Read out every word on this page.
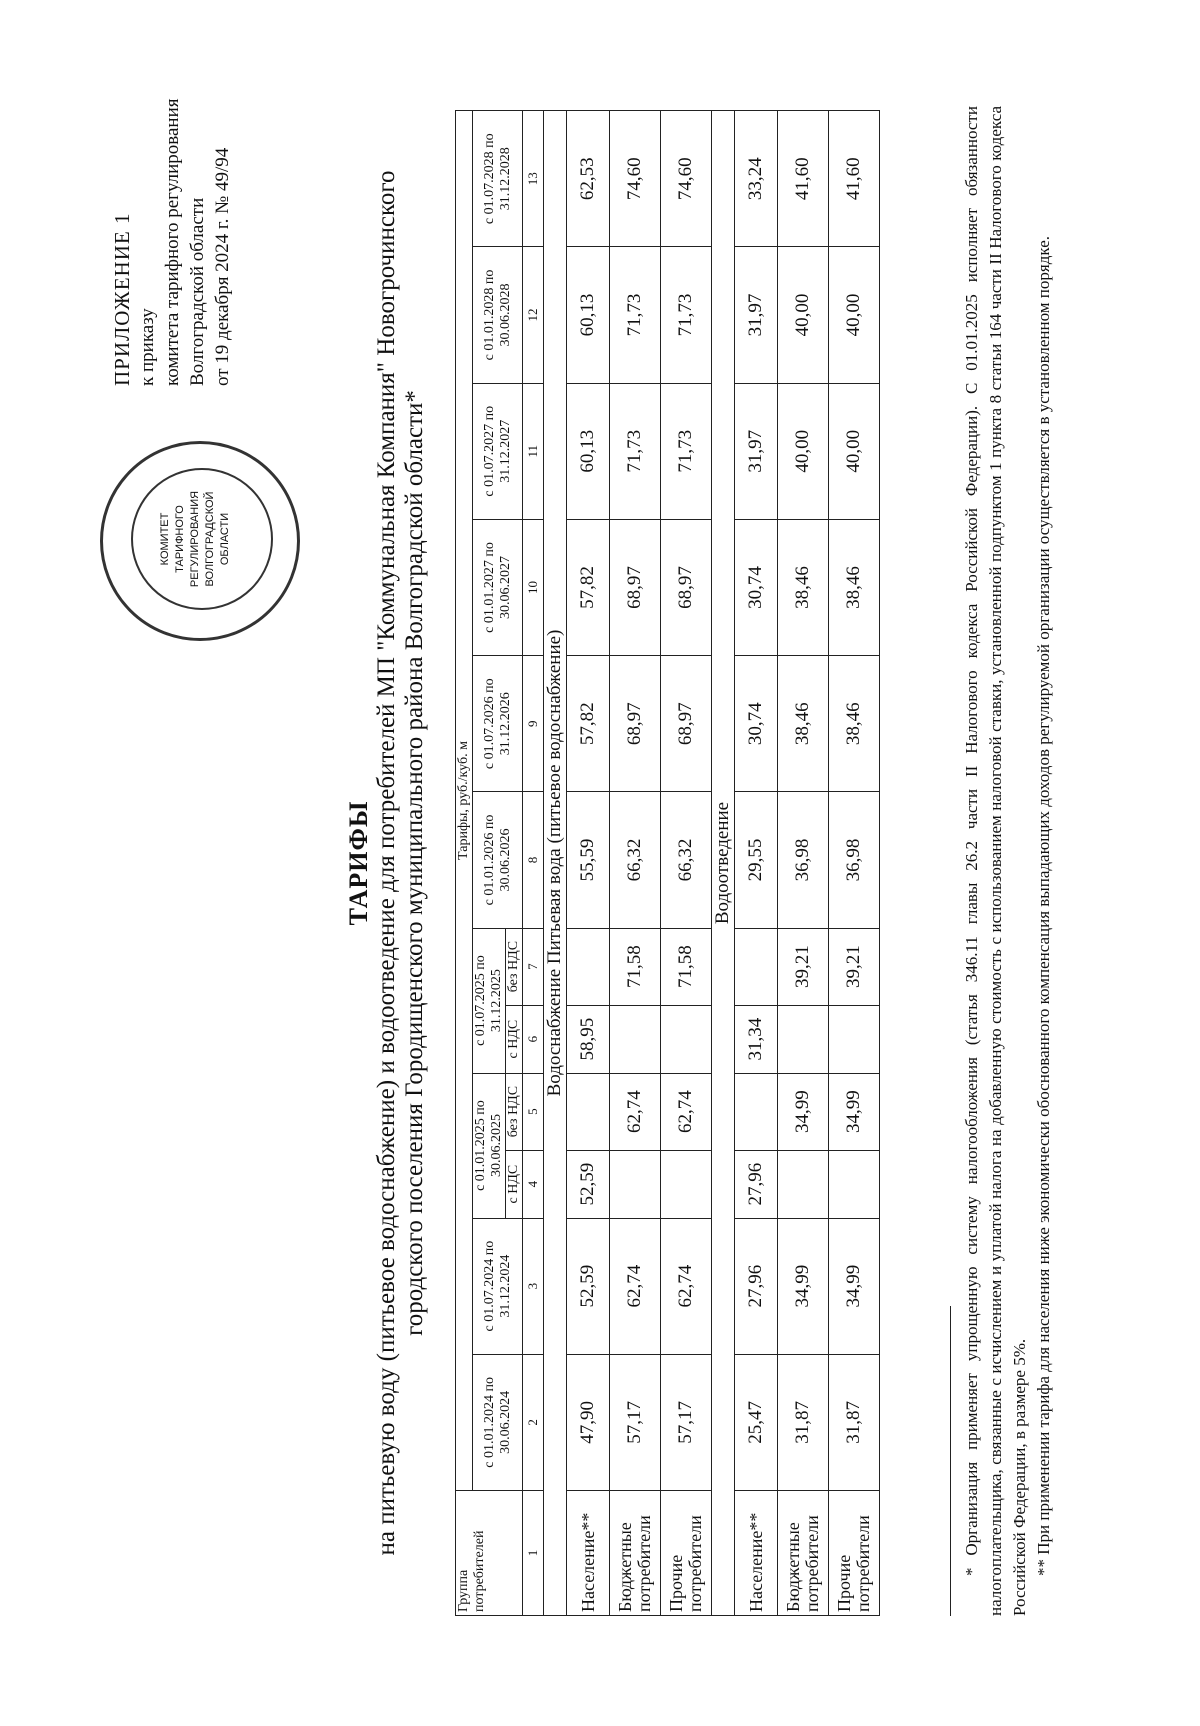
ПРИЛОЖЕНИЕ 1 к приказу комитета тарифного регулирования Волгоградской области от 19 декабря 2024 г. № 49/94
КОМИТЕТ ТАРИФНОГО РЕГУЛИРОВАНИЯ ВОЛГОГРАДСКОЙ ОБЛАСТИ
ТАРИФЫ на питьевую воду (питьевое водоснабжение) и водоотведение для потребителей МП "Коммунальная Компания" Новогрочинского городского поселения Городищенского муниципального района Волгоградской области*
Группа потребителей	Тарифы, руб./куб. м											
	с 01.01.2024 по 30.06.2024	с 01.07.2024 по 31.12.2024	с 01.01.2025 по 30.06.2025		с 01.07.2025 по 31.12.2025		с 01.01.2026 по 30.06.2026	с 01.07.2026 по 31.12.2026	с 01.01.2027 по 30.06.2027	с 01.07.2027 по 31.12.2027	с 01.01.2028 по 30.06.2028	с 01.07.2028 по 31.12.2028
			с НДС	без НДС	с НДС	без НДС						
1	2	3	4	5	6	7	8	9	10	11	12	13
Водоснабжение Питьевая вода (питьевое водоснабжение)												
Население**	47,90	52,59	52,59		58,95		55,59	57,82	57,82	60,13	60,13	62,53
Бюджетные потребители	57,17	62,74		62,74		71,58	66,32	68,97	68,97	71,73	71,73	74,60
Прочие потребители	57,17	62,74		62,74		71,58	66,32	68,97	68,97	71,73	71,73	74,60
Водоотведение												
Население**	25,47	27,96	27,96		31,34		29,55	30,74	30,74	31,97	31,97	33,24
Бюджетные потребители	31,87	34,99		34,99		39,21	36,98	38,46	38,46	40,00	40,00	41,60
Прочие потребители	31,87	34,99		34,99		39,21	36,98	38,46	38,46	40,00	40,00	41,60	* Организация применяет упрощенную систему налогообложения (статья 346.11 главы 26.2 части II Налогового кодекса Российской Федерации). С 01.01.2025 исполняет обязанности налогоплательщика, связанные с исчислением и уплатой налога на добавленную стоимость с использованием налоговой ставки, установленной подпунктом 1 пункта 8 статьи 164 части II Налогового кодекса Российской Федерации, в размере 5%. ** При применении тарифа для населения ниже экономически обоснованного компенсация выпадающих доходов регулируемой организации осуществляется в установленном порядке.
